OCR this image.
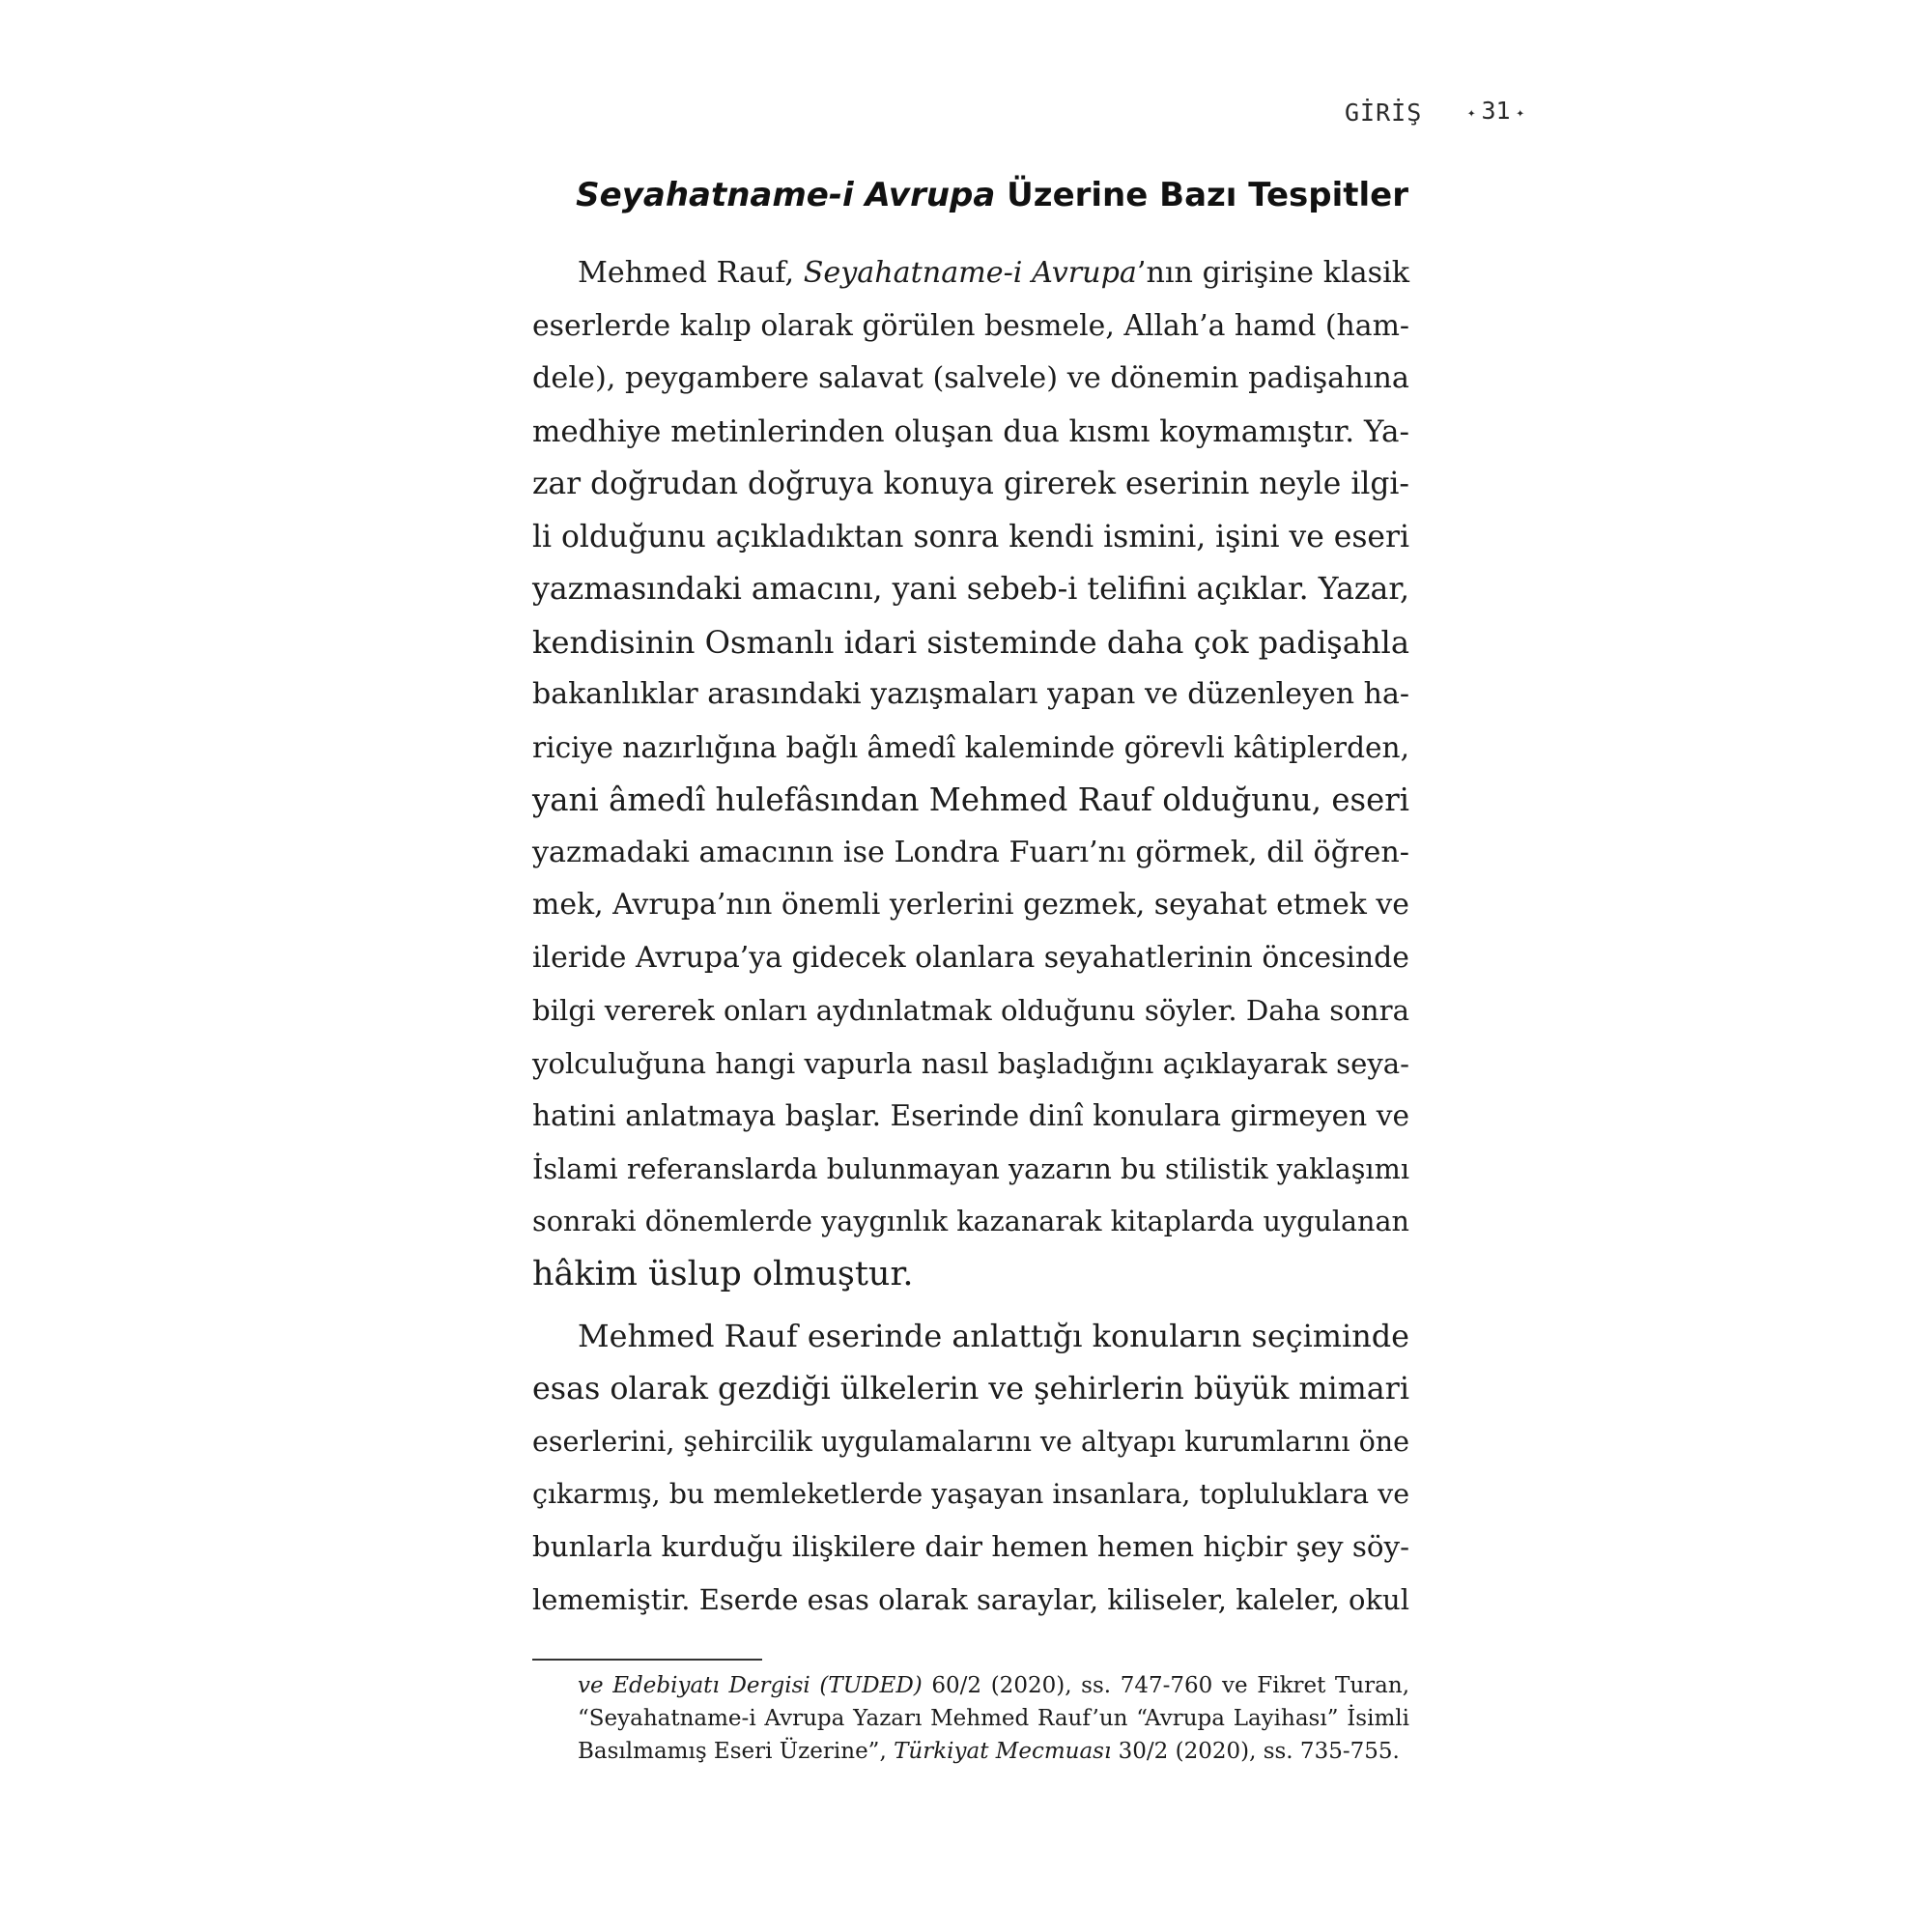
GİRİŞ	✦ 31 ✦
Seyahatname-i Avrupa Üzerine Bazı Tespitler
Mehmed Rauf, Seyahatname-i Avrupa’nın girişine klasik
eserlerde kalıp olarak görülen besmele, Allah’a hamd (ham-
dele), peygambere salavat (salvele) ve dönemin padişahına
medhiye metinlerinden oluşan dua kısmı koymamıştır. Ya-
zar doğrudan doğruya konuya girerek eserinin neyle ilgi-
li olduğunu açıkladıktan sonra kendi ismini, işini ve eseri
yazmasındaki amacını, yani sebeb-i telifini açıklar. Yazar,
kendisinin Osmanlı idari sisteminde daha çok padişahla
bakanlıklar arasındaki yazışmaları yapan ve düzenleyen ha-
riciye nazırlığına bağlı âmedî kaleminde görevli kâtiplerden,
yani âmedî hulefâsından Mehmed Rauf olduğunu, eseri
yazmadaki amacının ise Londra Fuarı’nı görmek, dil öğren-
mek, Avrupa’nın önemli yerlerini gezmek, seyahat etmek ve
ileride Avrupa’ya gidecek olanlara seyahatlerinin öncesinde
bilgi vererek onları aydınlatmak olduğunu söyler. Daha sonra
yolculuğuna hangi vapurla nasıl başladığını açıklayarak seya-
hatini anlatmaya başlar. Eserinde dinî konulara girmeyen ve
İslami referanslarda bulunmayan yazarın bu stilistik yaklaşımı
sonraki dönemlerde yaygınlık kazanarak kitaplarda uygulanan
hâkim üslup olmuştur.
Mehmed Rauf eserinde anlattığı konuların seçiminde
esas olarak gezdiği ülkelerin ve şehirlerin büyük mimari
eserlerini, şehircilik uygulamalarını ve altyapı kurumlarını öne
çıkarmış, bu memleketlerde yaşayan insanlara, topluluklara ve
bunlarla kurduğu ilişkilere dair hemen hemen hiçbir şey söy-
lememiştir. Eserde esas olarak saraylar, kiliseler, kaleler, okul
ve Edebiyatı Dergisi (TUDED) 60/2 (2020), ss. 747-760 ve Fikret Turan,
“Seyahatname-i Avrupa Yazarı Mehmed Rauf’un “Avrupa Layihası” İsimli
Basılmamış Eseri Üzerine”, Türkiyat Mecmuası 30/2 (2020), ss. 735-755.
